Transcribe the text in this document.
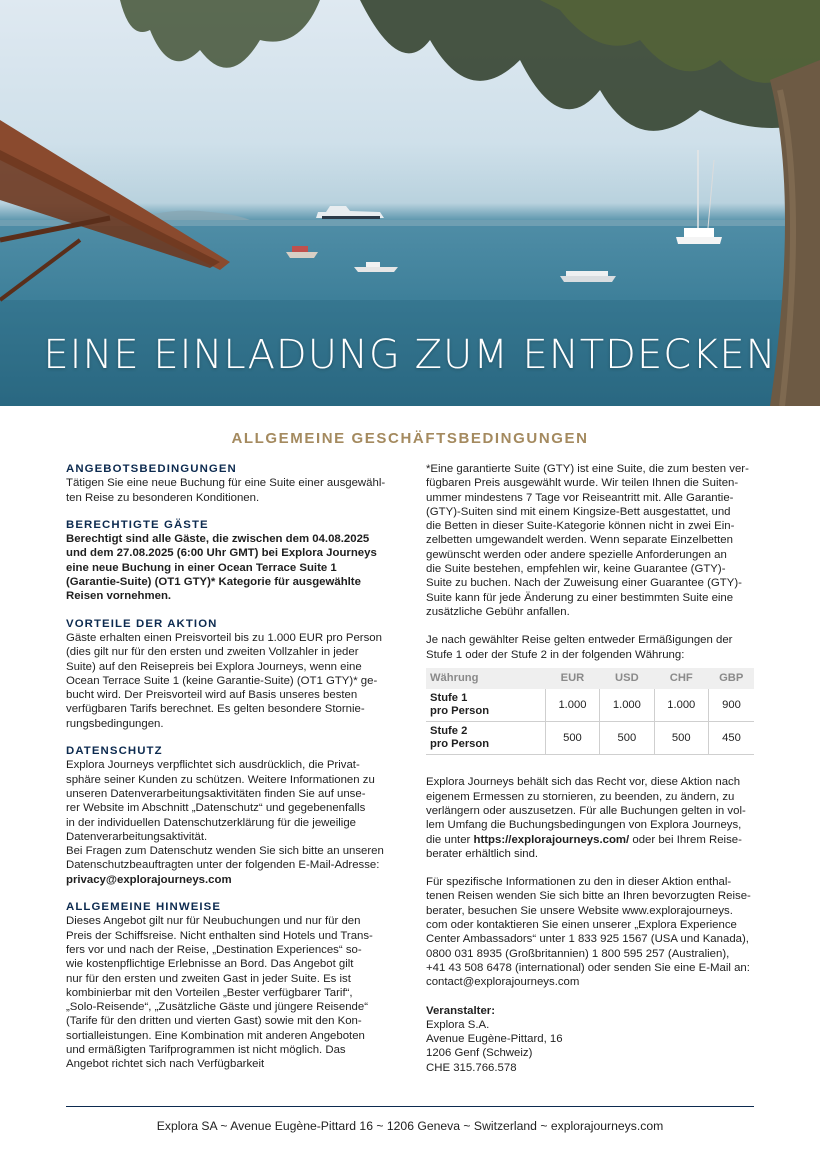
EINE EINLADUNG ZUM ENTDECKEN
ALLGEMEINE GESCHÄFTSBEDINGUNGEN
ANGEBOTSBEDINGUNGEN

Tätigen Sie eine neue Buchung für eine Suite einer ausgewähl-

ten Reise zu besonderen Konditionen.

BERECHTIGTE GÄSTE

Berechtigt sind alle Gäste, die zwischen dem 04.08.2025

und dem 27.08.2025 (6:00 Uhr GMT) bei Explora Journeys

eine neue Buchung in einer Ocean Terrace Suite 1

(Garantie-Suite) (OT1 GTY)* Kategorie für ausgewählte

Reisen vornehmen.

VORTEILE DER AKTION

Gäste erhalten einen Preisvorteil bis zu 1.000 EUR pro Person

(dies gilt nur für den ersten und zweiten Vollzahler in jeder

Suite) auf den Reisepreis bei Explora Journeys, wenn eine

Ocean Terrace Suite 1 (keine Garantie-Suite) (OT1 GTY)* ge-

bucht wird. Der Preisvorteil wird auf Basis unseres besten

verfügbaren Tarifs berechnet. Es gelten besondere Stornie-

rungsbedingungen.

DATENSCHUTZ

Explora Journeys verpflichtet sich ausdrücklich, die Privat-

sphäre seiner Kunden zu schützen. Weitere Informationen zu

unseren Datenverarbeitungsaktivitäten finden Sie auf unse-

rer Website im Abschnitt „Datenschutz“ und gegebenenfalls

in der individuellen Datenschutzerklärung für die jeweilige

Datenverarbeitungsaktivität.

Bei Fragen zum Datenschutz wenden Sie sich bitte an unseren

Datenschutzbeauftragten unter der folgenden E-Mail-Adresse:

privacy@explorajourneys.com

ALLGEMEINE HINWEISE

Dieses Angebot gilt nur für Neubuchungen und nur für den

Preis der Schiffsreise. Nicht enthalten sind Hotels und Trans-

fers vor und nach der Reise, „Destination Experiences“ so-

wie kostenpflichtige Erlebnisse an Bord. Das Angebot gilt

nur für den ersten und zweiten Gast in jeder Suite. Es ist

kombinierbar mit den Vorteilen „Bester verfügbarer Tarif“,

„Solo-Reisende“, „Zusätzliche Gäste und jüngere Reisende“

(Tarife für den dritten und vierten Gast) sowie mit den Kon-

sortialleistungen. Eine Kombination mit anderen Angeboten

und ermäßigten Tarifprogrammen ist nicht möglich. Das

Angebot richtet sich nach Verfügbarkeit

*Eine garantierte Suite (GTY) ist eine Suite, die zum besten ver-

fügbaren Preis ausgewählt wurde. Wir teilen Ihnen die Suiten-

ummer mindestens 7 Tage vor Reiseantritt mit. Alle Garantie-

(GTY)-Suiten sind mit einem Kingsize-Bett ausgestattet, und

die Betten in dieser Suite-Kategorie können nicht in zwei Ein-

zelbetten umgewandelt werden. Wenn separate Einzelbetten

gewünscht werden oder andere spezielle Anforderungen an

die Suite bestehen, empfehlen wir, keine Guarantee (GTY)-

Suite zu buchen. Nach der Zuweisung einer Guarantee (GTY)-

Suite kann für jede Änderung zu einer bestimmten Suite eine

zusätzliche Gebühr anfallen.

Je nach gewählter Reise gelten entweder Ermäßigungen der

Stufe 1 oder der Stufe 2 in der folgenden Währung:

Währung	EUR	USD	CHF	GBP

Stufe 1
pro Person	1.000	1.000	1.000	900

Stufe 2
pro Person	500	500	500	450

Explora Journeys behält sich das Recht vor, diese Aktion nach

eigenem Ermessen zu stornieren, zu beenden, zu ändern, zu

verlängern oder auszusetzen. Für alle Buchungen gelten in vol-

lem Umfang die Buchungsbedingungen von Explora Journeys,

die unter https://explorajourneys.com/ oder bei Ihrem Reise-

berater erhältlich sind.

Für spezifische Informationen zu den in dieser Aktion enthal-

tenen Reisen wenden Sie sich bitte an Ihren bevorzugten Reise-

berater, besuchen Sie unsere Website www.explorajourneys.

com oder kontaktieren Sie einen unserer „Explora Experience

Center Ambassadors“ unter 1 833 925 1567 (USA und Kanada),

0800 031 8935 (Großbritannien) 1 800 595 257 (Australien),

+41 43 508 6478 (international) oder senden Sie eine E-Mail an:

contact@explorajourneys.com

Veranstalter:

Explora S.A.

Avenue Eugène-Pittard, 16

1206 Genf (Schweiz)

CHE 315.766.578

Explora SA ~ Avenue Eugène-Pittard 16 ~ 1206 Geneva ~ Switzerland ~ explorajourneys.com
